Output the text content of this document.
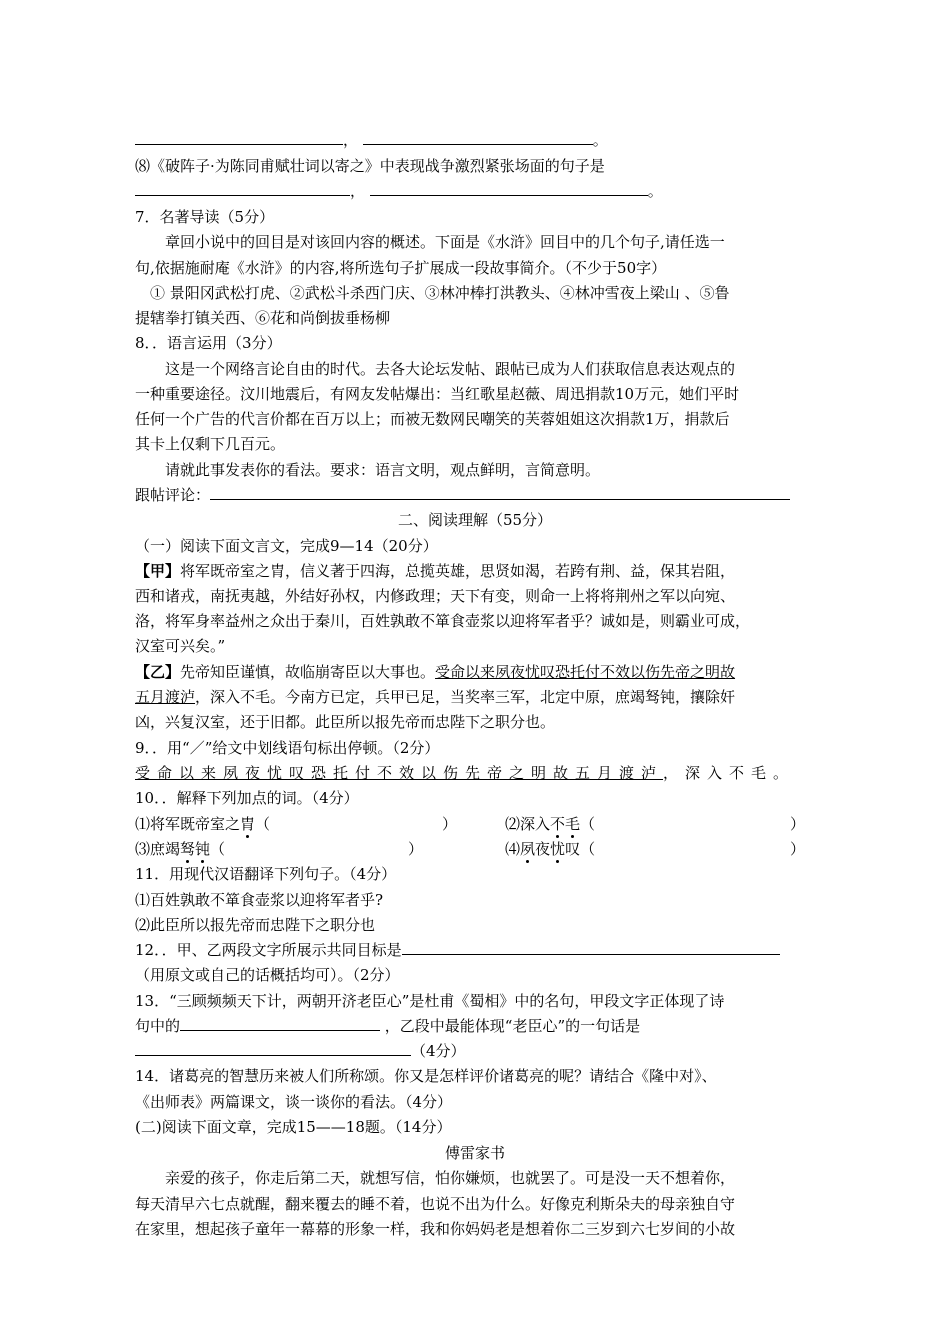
，	。
⑻《破阵子·为陈同甫赋壮词以寄之》中表现战争激烈紧张场面的句子是
，	。
7．名著导读（5分）
章回小说中的回目是对该回内容的概述。下面是《水浒》回目中的几个句子,请任选一
句,依据施耐庵《水浒》的内容,将所选句子扩展成一段故事简介。（不少于50字）
① 景阳冈武松打虎、②武松斗杀西门庆、③林冲棒打洪教头、④林冲雪夜上梁山 、⑤鲁
提辖拳打镇关西、⑥花和尚倒拔垂杨柳
8．．语言运用（3分）
这是一个网络言论自由的时代。去各大论坛发帖、跟帖已成为人们获取信息表达观点的
一种重要途径。汶川地震后，有网友发帖爆出：当红歌星赵薇、周迅捐款10万元，她们平时
任何一个广告的代言价都在百万以上；而被无数网民嘲笑的芙蓉姐姐这次捐款1万，捐款后
其卡上仅剩下几百元。
请就此事发表你的看法。要求：语言文明，观点鲜明，言简意明。
跟帖评论：
二、阅读理解（55分）
（一）阅读下面文言文，完成9—14（20分）
【甲】将军既帝室之胄，信义著于四海，总揽英雄，思贤如渴，若跨有荆、益，保其岩阻，
西和诸戎，南抚夷越，外结好孙权，内修政理；天下有变，则命一上将将荆州之军以向宛、
洛，将军身率益州之众出于秦川，百姓孰敢不箪食壶浆以迎将军者乎？诚如是，则霸业可成，
汉室可兴矣。”
【乙】先帝知臣谨慎，故临崩寄臣以大事也。受命以来夙夜忧叹恐托付不效以伤先帝之明故
五月渡泸，深入不毛。今南方已定，兵甲已足，当奖率三军，北定中原，庶竭驽钝，攘除奸
凶，兴复汉室，还于旧都。此臣所以报先帝而忠陛下之职分也。
9．．用“／”给文中划线语句标出停顿。（2分）
受命以来夙夜忧叹恐托付不效以伤先帝之明故五月渡泸，深入不毛。
10．．解释下列加点的词。（4分）
⑴将军既帝室之胄（	）	⑵深入不毛（	）
⑶庶竭驽钝（	）	⑷夙夜忧叹（	）
11．用现代汉语翻译下列句子。（4分）
⑴百姓孰敢不箪食壶浆以迎将军者乎?
⑵此臣所以报先帝而忠陛下之职分也
12．．甲、乙两段文字所展示共同目标是
（用原文或自己的话概括均可）。（2分）
13．“三顾频频天下计，两朝开济老臣心”是杜甫《蜀相》中的名句，甲段文字正体现了诗
句中的	，乙段中最能体现“老臣心”的一句话是
（4分）
14．诸葛亮的智慧历来被人们所称颂。你又是怎样评价诸葛亮的呢？请结合《隆中对》、
《出师表》两篇课文，谈一谈你的看法。（4分）
(二)阅读下面文章，完成15——18题。（14分）
傅雷家书
亲爱的孩子，你走后第二天，就想写信，怕你嫌烦，也就罢了。可是没一天不想着你，
每天清早六七点就醒，翻来覆去的睡不着，也说不出为什么。好像克利斯朵夫的母亲独自守
在家里，想起孩子童年一幕幕的形象一样，我和你妈妈老是想着你二三岁到六七岁间的小故
